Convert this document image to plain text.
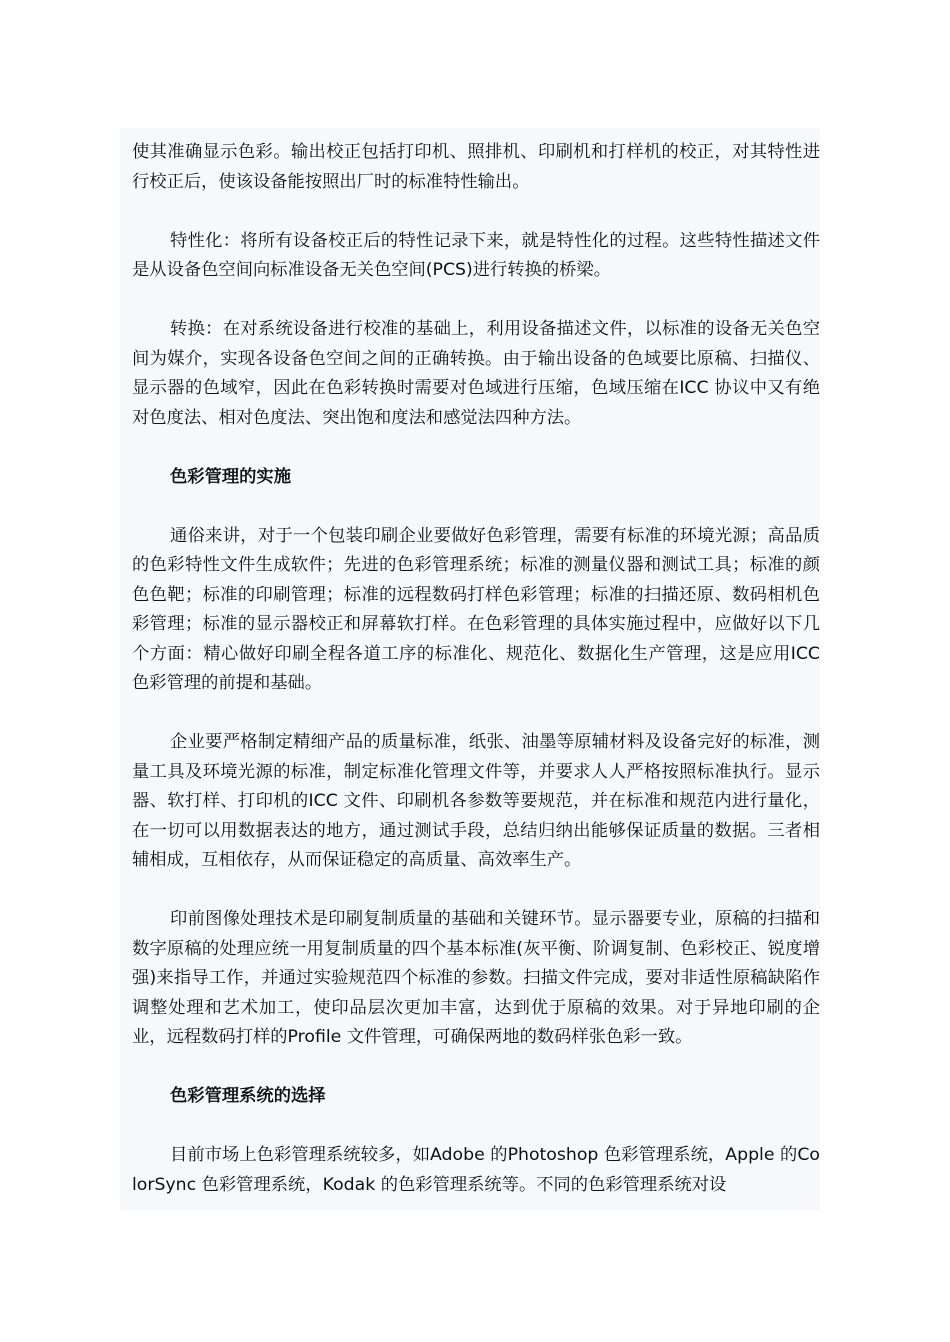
使其准确显示色彩。输出校正包括打印机、照排机、印刷机和打样机的校正，对其特性进行校正后，使该设备能按照出厂时的标准特性输出。

特性化：将所有设备校正后的特性记录下来，就是特性化的过程。这些特性描述文件是从设备色空间向标准设备无关色空间(PCS)进行转换的桥梁。

转换：在对系统设备进行校准的基础上，利用设备描述文件，以标准的设备无关色空间为媒介，实现各设备色空间之间的正确转换。由于输出设备的色域要比原稿、扫描仪、显示器的色域窄，因此在色彩转换时需要对色域进行压缩，色域压缩在ICC 协议中又有绝对色度法、相对色度法、突出饱和度法和感觉法四种方法。

色彩管理的实施

通俗来讲，对于一个包装印刷企业要做好色彩管理，需要有标准的环境光源；高品质的色彩特性文件生成软件；先进的色彩管理系统；标准的测量仪器和测试工具；标准的颜色色靶；标准的印刷管理；标准的远程数码打样色彩管理；标准的扫描还原、数码相机色彩管理；标准的显示器校正和屏幕软打样。在色彩管理的具体实施过程中，应做好以下几个方面：精心做好印刷全程各道工序的标准化、规范化、数据化生产管理，这是应用ICC 色彩管理的前提和基础。

企业要严格制定精细产品的质量标准，纸张、油墨等原辅材料及设备完好的标准，测量工具及环境光源的标准，制定标准化管理文件等，并要求人人严格按照标准执行。显示器、软打样、打印机的ICC 文件、印刷机各参数等要规范，并在标准和规范内进行量化，在一切可以用数据表达的地方，通过测试手段，总结归纳出能够保证质量的数据。三者相辅相成，互相依存，从而保证稳定的高质量、高效率生产。

印前图像处理技术是印刷复制质量的基础和关键环节。显示器要专业，原稿的扫描和数字原稿的处理应统一用复制质量的四个基本标准(灰平衡、阶调复制、色彩校正、锐度增强)来指导工作，并通过实验规范四个标准的参数。扫描文件完成，要对非适性原稿缺陷作调整处理和艺术加工，使印品层次更加丰富，达到优于原稿的效果。对于异地印刷的企业，远程数码打样的Profile 文件管理，可确保两地的数码样张色彩一致。

色彩管理系统的选择

目前市场上色彩管理系统较多，如Adobe 的Photoshop 色彩管理系统，Apple 的ColorSync 色彩管理系统，Kodak 的色彩管理系统等。不同的色彩管理系统对设
